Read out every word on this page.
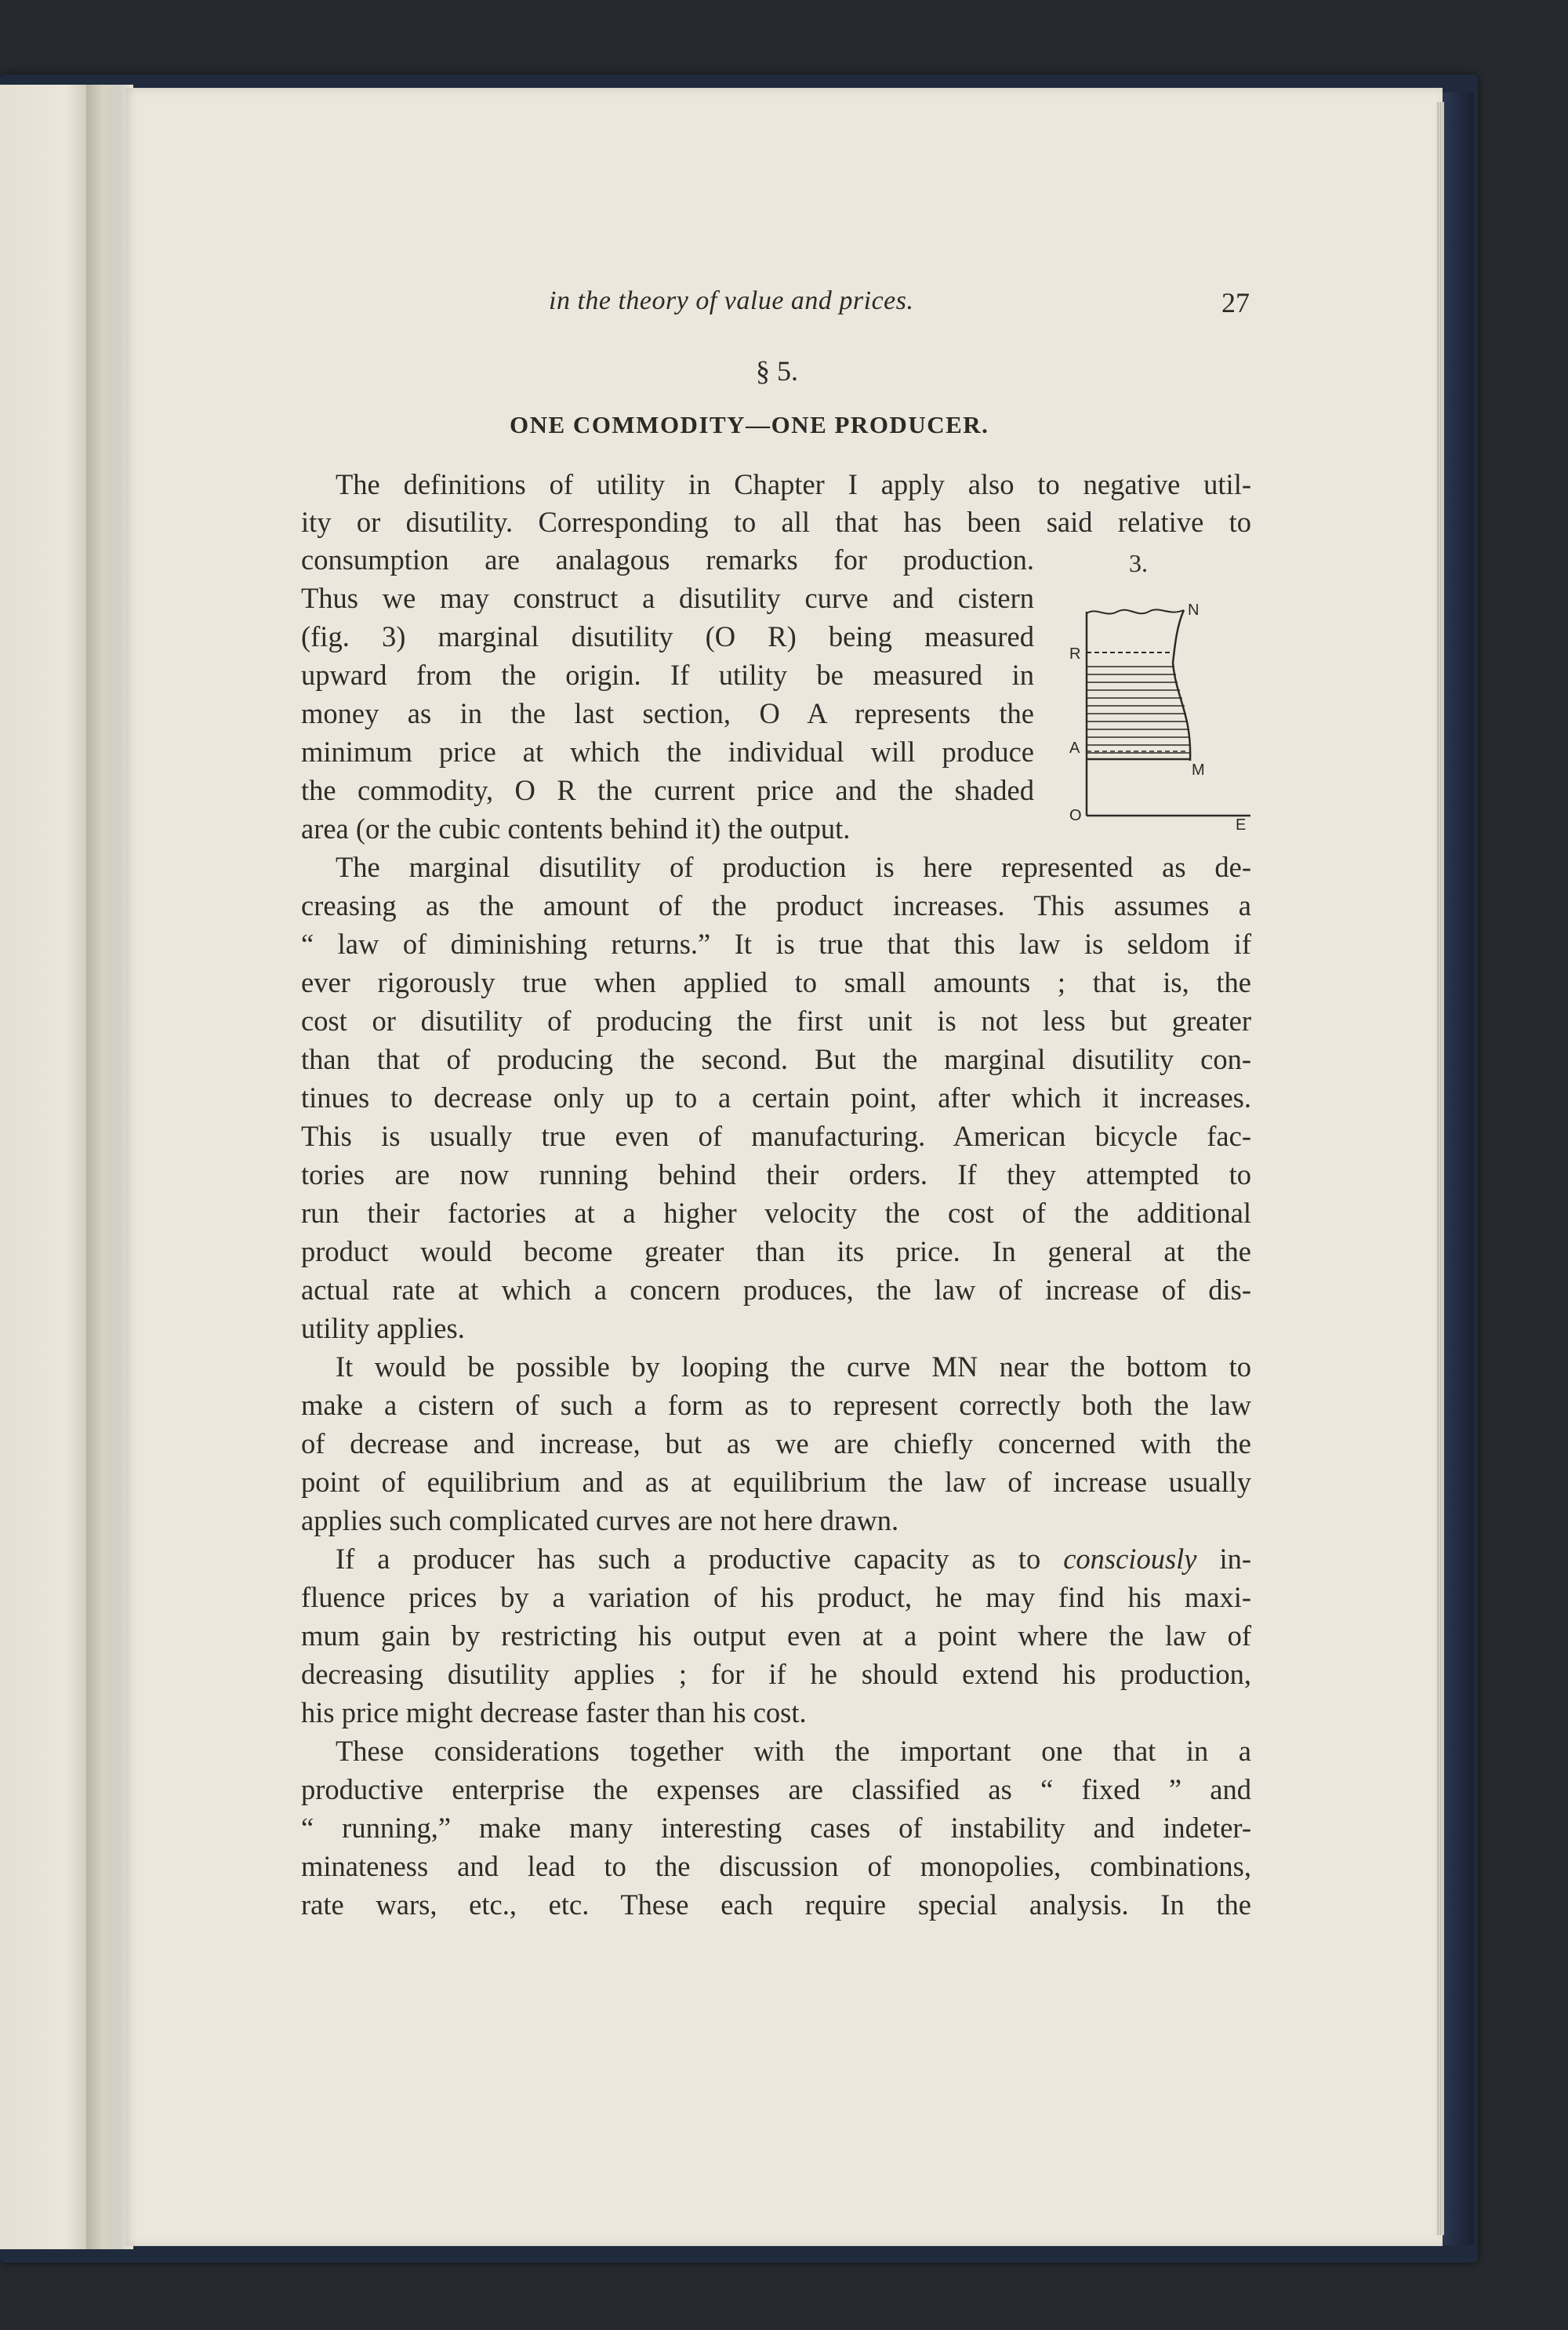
in the theory of value and prices.	27
§ 5.
ONE COMMODITY—ONE PRODUCER.
The definitions of utility in Chapter I apply also to negative util-
ity or disutility. Corresponding to all that has been said relative to
consumption are analagous remarks for production.
Thus we may construct a disutility curve and cistern
(fig. 3) marginal disutility (O R) being measured
upward from the origin. If utility be measured in
money as in the last section, O A represents the
minimum price at which the individual will produce
the commodity, O R the current price and the shaded
area (or the cubic contents behind it) the output.
3.
R
N
A
M
O
E
The marginal disutility of production is here represented as de-
creasing as the amount of the product increases. This assumes a
“ law of diminishing returns.” It is true that this law is seldom if
ever rigorously true when applied to small amounts ; that is, the
cost or disutility of producing the first unit is not less but greater
than that of producing the second. But the marginal disutility con-
tinues to decrease only up to a certain point, after which it increases.
This is usually true even of manufacturing. American bicycle fac-
tories are now running behind their orders. If they attempted to
run their factories at a higher velocity the cost of the additional
product would become greater than its price. In general at the
actual rate at which a concern produces, the law of increase of dis-
utility applies.
It would be possible by looping the curve MN near the bottom to
make a cistern of such a form as to represent correctly both the law
of decrease and increase, but as we are chiefly concerned with the
point of equilibrium and as at equilibrium the law of increase usually
applies such complicated curves are not here drawn.
If a producer has such a productive capacity as to consciously in-
fluence prices by a variation of his product, he may find his maxi-
mum gain by restricting his output even at a point where the law of
decreasing disutility applies ; for if he should extend his production,
his price might decrease faster than his cost.
These considerations together with the important one that in a
productive enterprise the expenses are classified as “ fixed ” and
“ running,” make many interesting cases of instability and indeter-
minateness and lead to the discussion of monopolies, combinations,
rate wars, etc., etc. These each require special analysis. In the
